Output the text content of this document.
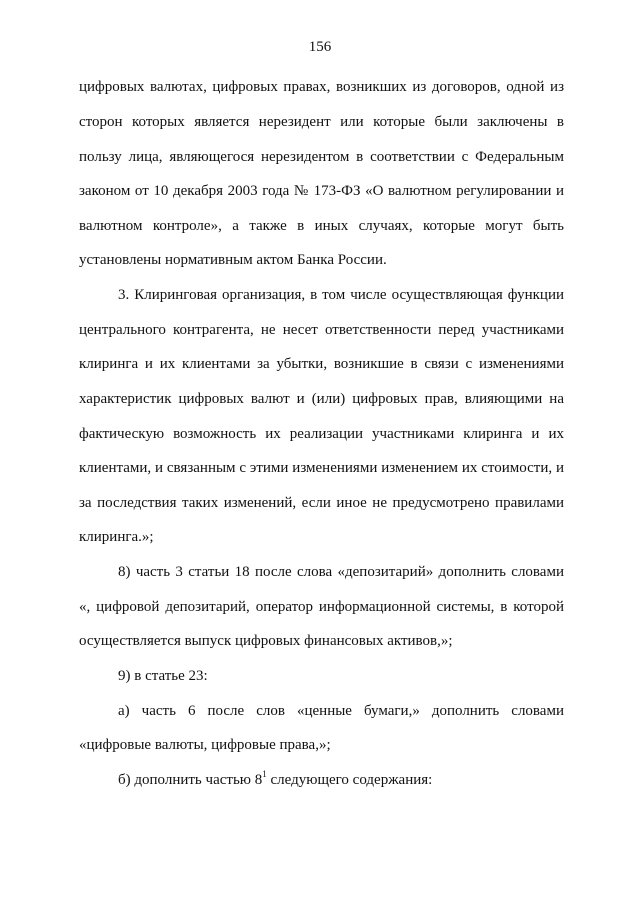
156
цифровых валютах, цифровых правах, возникших из договоров, одной из
сторон которых является нерезидент или которые были заключены в
пользу лица, являющегося нерезидентом в соответствии с Федеральным
законом от 10 декабря 2003 года № 173-ФЗ «О валютном регулировании и
валютном контроле», а также в иных случаях, которые могут быть
установлены нормативным актом Банка России.
3. Клиринговая организация, в том числе осуществляющая функции
центрального контрагента, не несет ответственности перед участниками
клиринга и их клиентами за убытки, возникшие в связи с изменениями
характеристик цифровых валют и (или) цифровых прав, влияющими на
фактическую возможность их реализации участниками клиринга и их
клиентами, и связанным с этими изменениями изменением их стоимости, и
за последствия таких изменений, если иное не предусмотрено правилами
клиринга.»;
8) часть 3 статьи 18 после слова «депозитарий» дополнить словами
«, цифровой депозитарий, оператор информационной системы, в которой
осуществляется выпуск цифровых финансовых активов,»;
9) в статье 23:
а) часть 6 после слов «ценные бумаги,» дополнить словами
«цифровые валюты, цифровые права,»;
б) дополнить частью $8^1$ следующего содержания:
